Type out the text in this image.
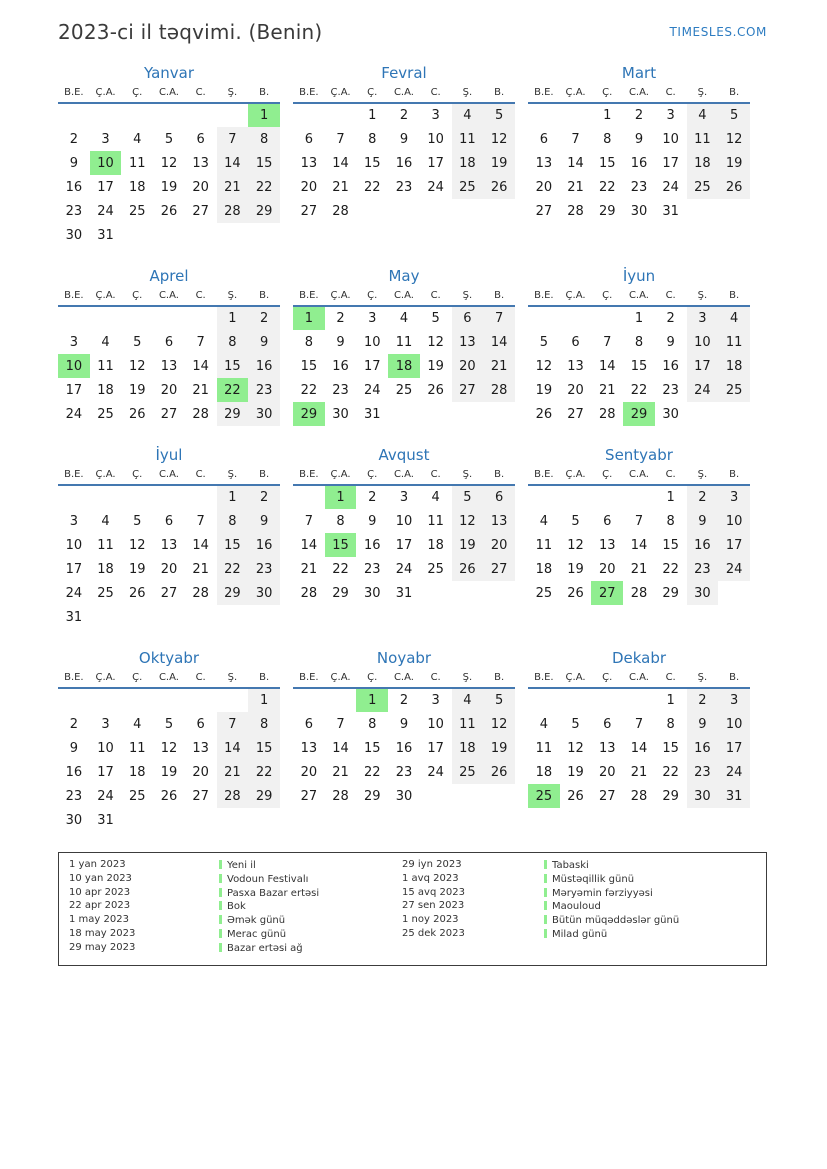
2023-ci il təqvimi. (Benin)	TIMESLES.COM
Yanvar
B.E.	Ç.A.	Ç.	C.A.	C.	Ş.	B.
						1
2	3	4	5	6	7	8
9	10	11	12	13	14	15
16	17	18	19	20	21	22
23	24	25	26	27	28	29
30	31					
Fevral
B.E.	Ç.A.	Ç.	C.A.	C.	Ş.	B.
		1	2	3	4	5
6	7	8	9	10	11	12
13	14	15	16	17	18	19
20	21	22	23	24	25	26
27	28					
Mart
B.E.	Ç.A.	Ç.	C.A.	C.	Ş.	B.
		1	2	3	4	5
6	7	8	9	10	11	12
13	14	15	16	17	18	19
20	21	22	23	24	25	26
27	28	29	30	31		
Aprel
B.E.	Ç.A.	Ç.	C.A.	C.	Ş.	B.
					1	2
3	4	5	6	7	8	9
10	11	12	13	14	15	16
17	18	19	20	21	22	23
24	25	26	27	28	29	30
May
B.E.	Ç.A.	Ç.	C.A.	C.	Ş.	B.
1	2	3	4	5	6	7
8	9	10	11	12	13	14
15	16	17	18	19	20	21
22	23	24	25	26	27	28
29	30	31				
İyun
B.E.	Ç.A.	Ç.	C.A.	C.	Ş.	B.
			1	2	3	4
5	6	7	8	9	10	11
12	13	14	15	16	17	18
19	20	21	22	23	24	25
26	27	28	29	30		
İyul
B.E.	Ç.A.	Ç.	C.A.	C.	Ş.	B.
					1	2
3	4	5	6	7	8	9
10	11	12	13	14	15	16
17	18	19	20	21	22	23
24	25	26	27	28	29	30
31						
Avqust
B.E.	Ç.A.	Ç.	C.A.	C.	Ş.	B.
	1	2	3	4	5	6
7	8	9	10	11	12	13
14	15	16	17	18	19	20
21	22	23	24	25	26	27
28	29	30	31			
Sentyabr
B.E.	Ç.A.	Ç.	C.A.	C.	Ş.	B.
				1	2	3
4	5	6	7	8	9	10
11	12	13	14	15	16	17
18	19	20	21	22	23	24
25	26	27	28	29	30	
Oktyabr
B.E.	Ç.A.	Ç.	C.A.	C.	Ş.	B.
						1
2	3	4	5	6	7	8
9	10	11	12	13	14	15
16	17	18	19	20	21	22
23	24	25	26	27	28	29
30	31					
Noyabr
B.E.	Ç.A.	Ç.	C.A.	C.	Ş.	B.
		1	2	3	4	5
6	7	8	9	10	11	12
13	14	15	16	17	18	19
20	21	22	23	24	25	26
27	28	29	30			
Dekabr
B.E.	Ç.A.	Ç.	C.A.	C.	Ş.	B.
				1	2	3
4	5	6	7	8	9	10
11	12	13	14	15	16	17
18	19	20	21	22	23	24
25	26	27	28	29	30	31
1 yan 2023	Yeni il
10 yan 2023	Vodoun Festivalı
10 apr 2023	Pasxa Bazar ertəsi
22 apr 2023	Bok
1 may 2023	Əmək günü
18 may 2023	Merac günü
29 may 2023	Bazar ertəsi ağ
29 iyn 2023	Tabaski
1 avq 2023	Müstəqillik günü
15 avq 2023	Məryəmin fərziyyəsi
27 sen 2023	Maouloud
1 noy 2023	Bütün müqəddəslər günü
25 dek 2023	Milad günü
